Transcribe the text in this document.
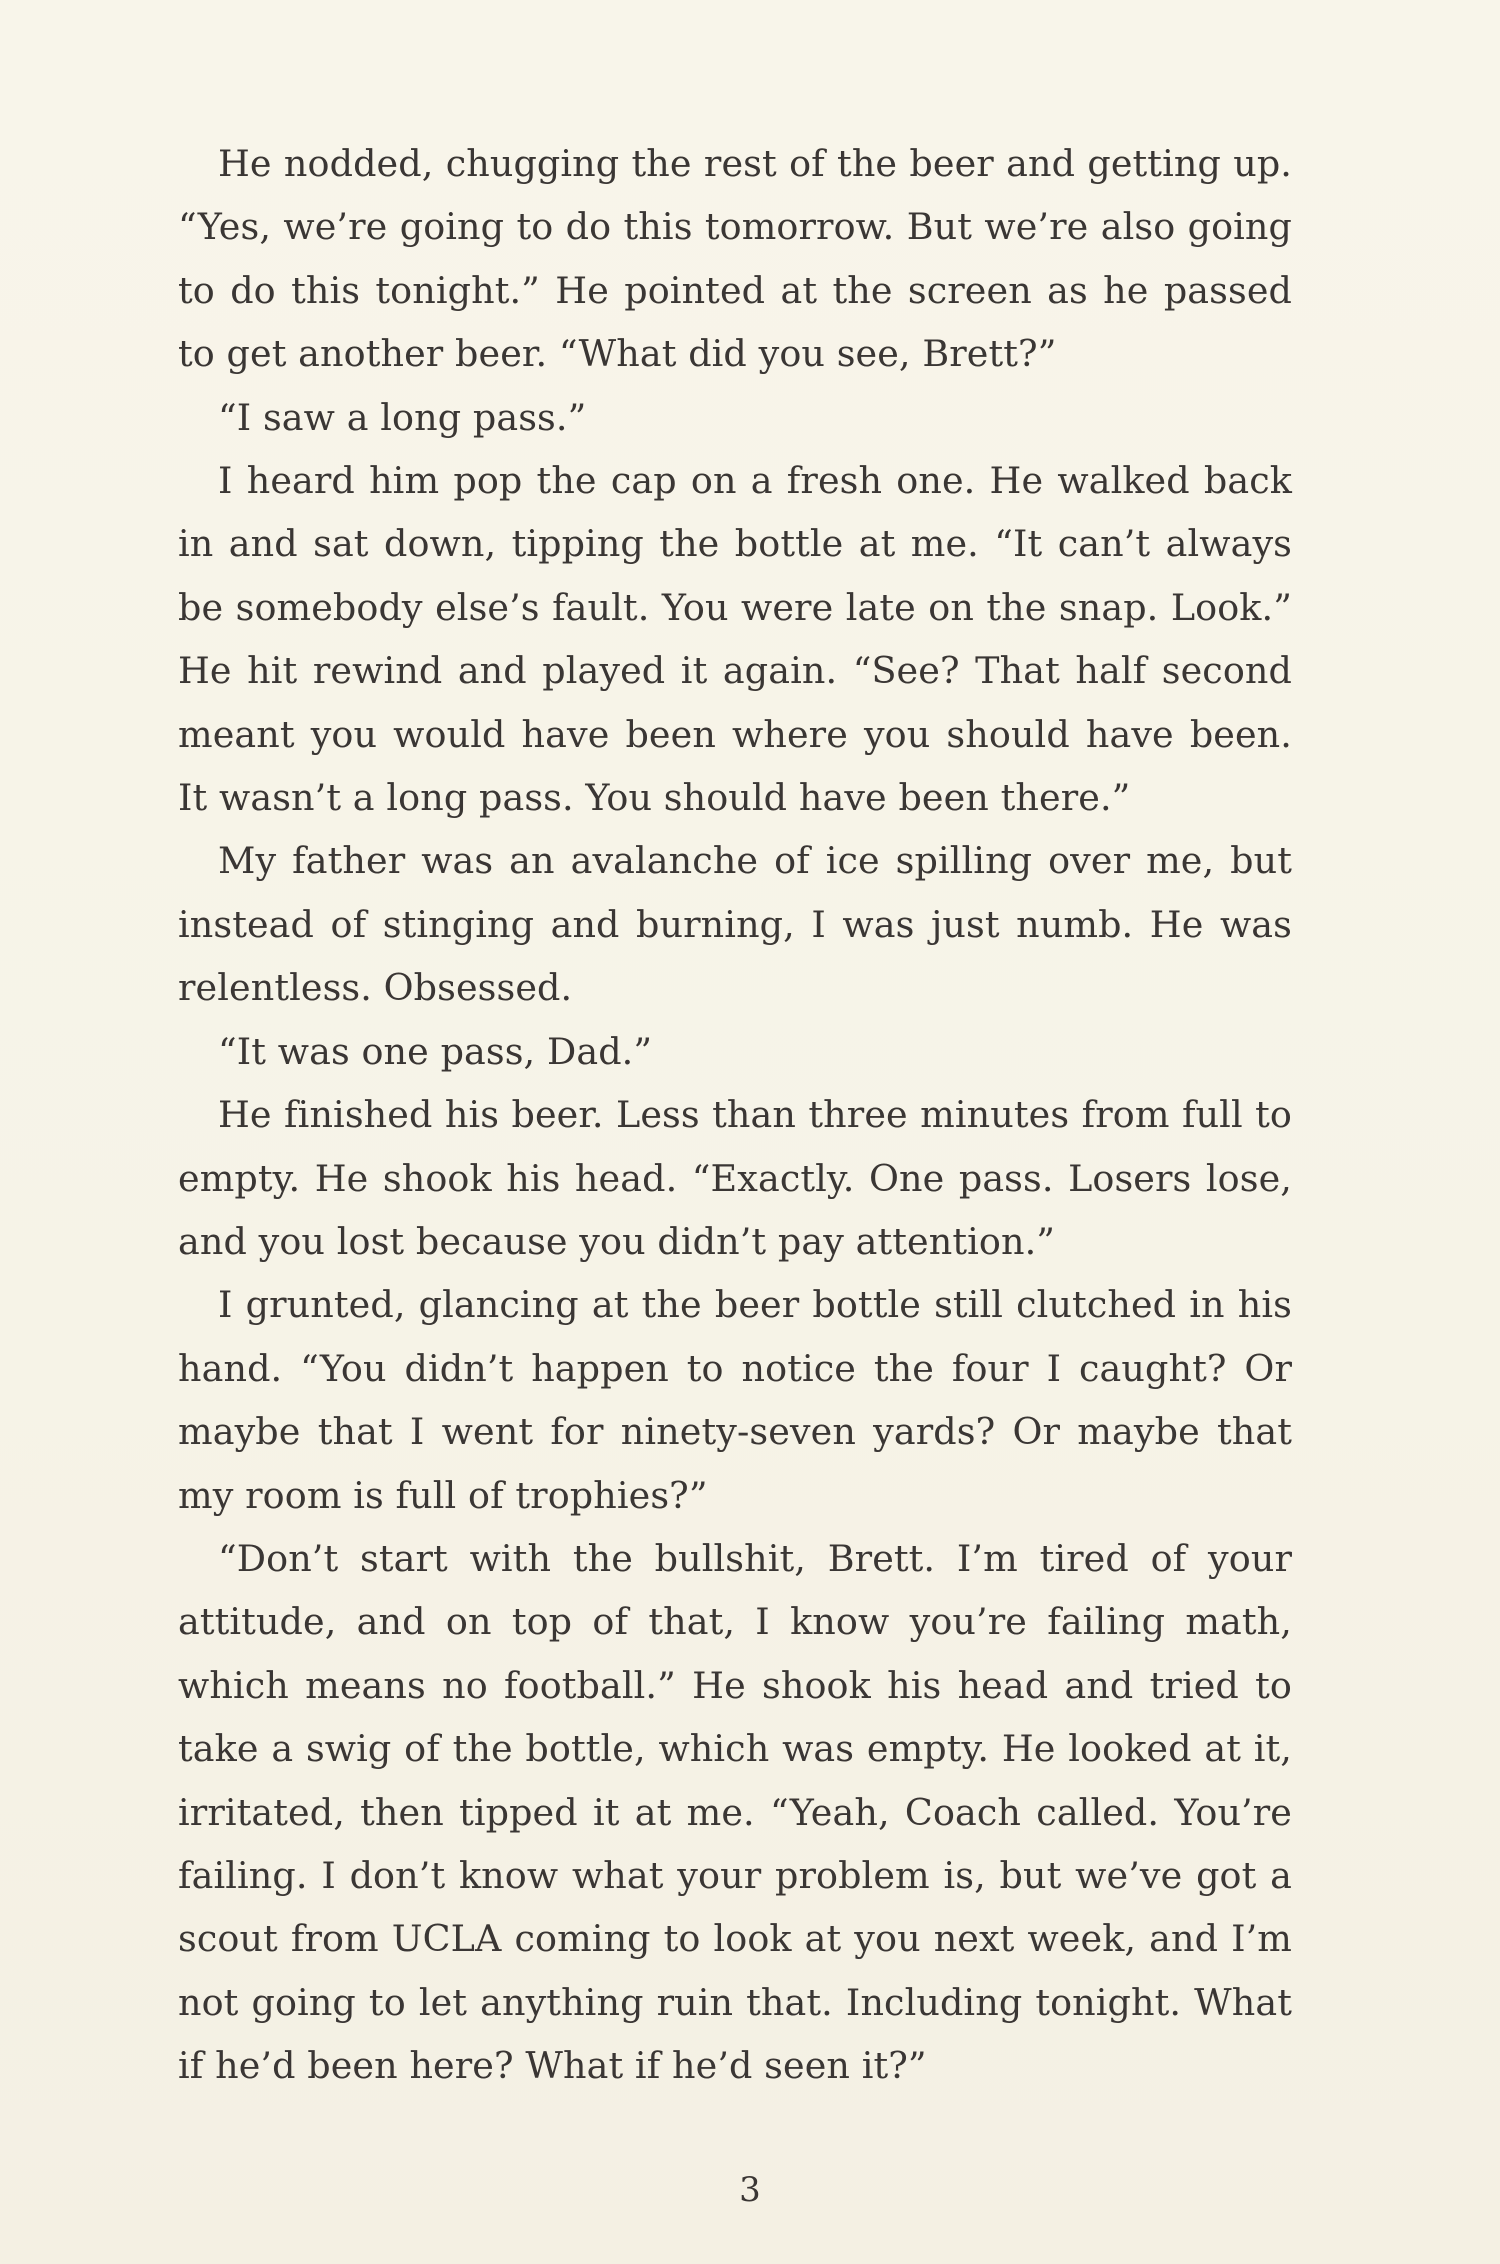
He nodded, chugging the rest of the beer and getting up. “Yes, we’re going to do this tomorrow. But we’re also going to do this tonight.” He pointed at the screen as he passed to get another beer. “What did you see, Brett?”

“I saw a long pass.”

I heard him pop the cap on a fresh one. He walked back in and sat down, tipping the bottle at me. “It can’t always be somebody else’s fault. You were late on the snap. Look.” He hit rewind and played it again. “See? That half second meant you would have been where you should have been. It wasn’t a long pass. You should have been there.”

My father was an avalanche of ice spilling over me, but instead of stinging and burning, I was just numb. He was relentless. Obsessed.

“It was one pass, Dad.”

He finished his beer. Less than three minutes from full to empty. He shook his head. “Exactly. One pass. Losers lose, and you lost because you didn’t pay attention.”

I grunted, glancing at the beer bottle still clutched in his hand. “You didn’t happen to notice the four I caught? Or maybe that I went for ninety-seven yards? Or maybe that my room is full of trophies?”

“Don’t start with the bullshit, Brett. I’m tired of your attitude, and on top of that, I know you’re failing math, which means no football.” He shook his head and tried to take a swig of the bottle, which was empty. He looked at it, irritated, then tipped it at me. “Yeah, Coach called. You’re failing. I don’t know what your problem is, but we’ve got a scout from UCLA coming to look at you next week, and I’m not going to let anything ruin that. Including tonight. What if he’d been here? What if he’d seen it?”

3
